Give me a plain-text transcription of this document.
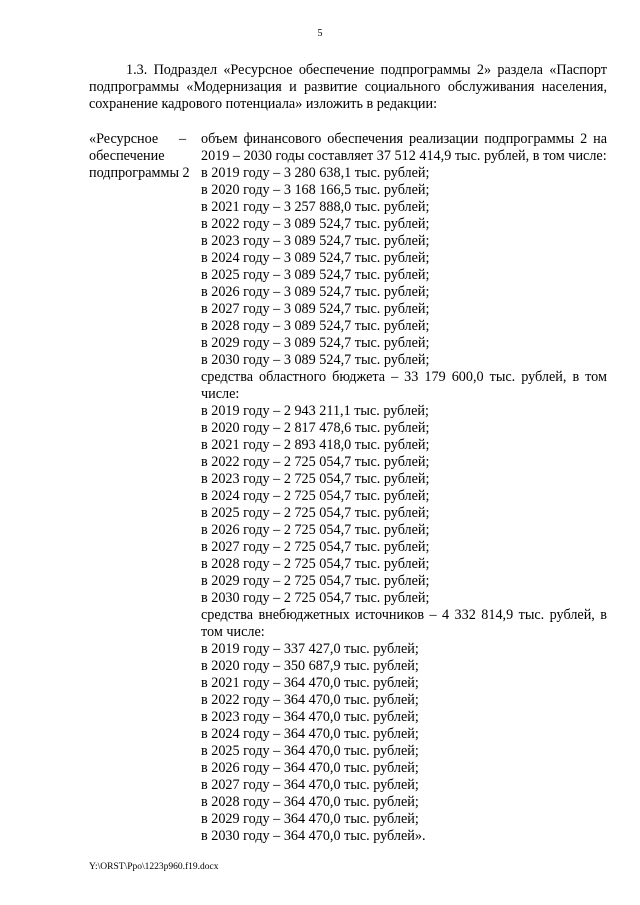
5

1.3. Подраздел «Ресурсное обеспечение подпрограммы 2» раздела «Паспорт подпрограммы «Модернизация и развитие социального обслуживания населения, сохранение кадрового потенциала» изложить в редакции:

«Ресурсное
обеспечение
подпрограммы 2
– объем финансового обеспечения реализации подпрограммы 2 на 2019 – 2030 годы составляет 37 512 414,9 тыс. рублей, в том числе:
в 2019 году – 3 280 638,1 тыс. рублей;
в 2020 году – 3 168 166,5 тыс. рублей;
в 2021 году – 3 257 888,0 тыс. рублей;
в 2022 году – 3 089 524,7 тыс. рублей;
в 2023 году – 3 089 524,7 тыс. рублей;
в 2024 году – 3 089 524,7 тыс. рублей;
в 2025 году – 3 089 524,7 тыс. рублей;
в 2026 году – 3 089 524,7 тыс. рублей;
в 2027 году – 3 089 524,7 тыс. рублей;
в 2028 году – 3 089 524,7 тыс. рублей;
в 2029 году – 3 089 524,7 тыс. рублей;
в 2030 году – 3 089 524,7 тыс. рублей;
средства областного бюджета – 33 179 600,0 тыс. рублей, в том числе:
в 2019 году – 2 943 211,1 тыс. рублей;
в 2020 году – 2 817 478,6 тыс. рублей;
в 2021 году – 2 893 418,0 тыс. рублей;
в 2022 году – 2 725 054,7 тыс. рублей;
в 2023 году – 2 725 054,7 тыс. рублей;
в 2024 году – 2 725 054,7 тыс. рублей;
в 2025 году – 2 725 054,7 тыс. рублей;
в 2026 году – 2 725 054,7 тыс. рублей;
в 2027 году – 2 725 054,7 тыс. рублей;
в 2028 году – 2 725 054,7 тыс. рублей;
в 2029 году – 2 725 054,7 тыс. рублей;
в 2030 году – 2 725 054,7 тыс. рублей;
средства внебюджетных источников – 4 332 814,9 тыс. рублей, в том числе:
в 2019 году – 337 427,0 тыс. рублей;
в 2020 году – 350 687,9 тыс. рублей;
в 2021 году – 364 470,0 тыс. рублей;
в 2022 году – 364 470,0 тыс. рублей;
в 2023 году – 364 470,0 тыс. рублей;
в 2024 году – 364 470,0 тыс. рублей;
в 2025 году – 364 470,0 тыс. рублей;
в 2026 году – 364 470,0 тыс. рублей;
в 2027 году – 364 470,0 тыс. рублей;
в 2028 году – 364 470,0 тыс. рублей;
в 2029 году – 364 470,0 тыс. рублей;
в 2030 году – 364 470,0 тыс. рублей».
Y:\ORST\Ppo\1223p960.f19.docx
